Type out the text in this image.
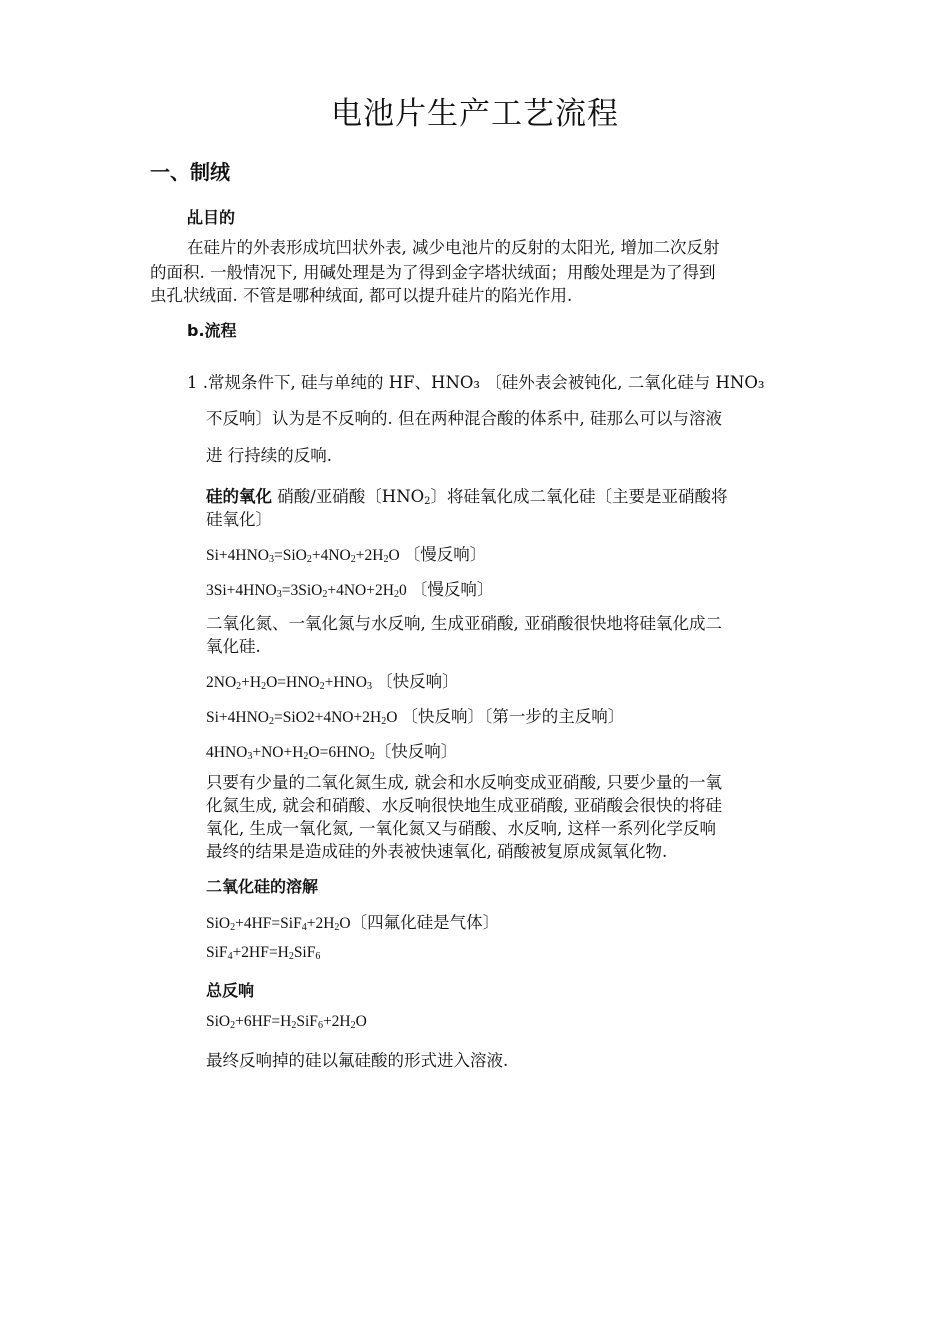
电池片生产工艺流程
一、制绒
乩目的
在硅片的外表形成坑凹状外表, 减少电池片的反射的太阳光, 增加二次反射
的面积. 一般情况下, 用碱处理是为了得到金字塔状绒面；用酸处理是为了得到
虫孔状绒面. 不管是哪种绒面, 都可以提升硅片的陷光作用.
b.流程
1 .常规条件下, 硅与单纯的 HF、HNO₃ 〔硅外表会被钝化, 二氧化硅与 HNO₃
不反响〕认为是不反响的. 但在两种混合酸的体系中, 硅那么可以与溶液
进 行持续的反响.
硅的氧化 硝酸/亚硝酸〔$HNO_2$〕将硅氧化成二氧化硅〔主要是亚硝酸将
硅氧化〕
$Si+4HNO_3=SiO_2+4NO_2+2H_2O$ 〔慢反响〕
$3Si+4HNO_3=3SiO_2+4NO+2H_20$ 〔慢反响〕
二氧化氮、一氧化氮与水反响, 生成亚硝酸, 亚硝酸很快地将硅氧化成二
氧化硅.
$2NO_2+H_2O=HNO_2+HNO_3$ 〔快反响〕
$Si+4HNO_2=SiO2+4NO+2H_2O$ 〔快反响〕〔第一步的主反响〕
$4HNO_3+NO+H_2O=6HNO_2$〔快反响〕
只要有少量的二氧化氮生成, 就会和水反响变成亚硝酸, 只要少量的一氧
化氮生成, 就会和硝酸、水反响很快地生成亚硝酸, 亚硝酸会很快的将硅
氧化, 生成一氧化氮, 一氧化氮又与硝酸、水反响, 这样一系列化学反响
最终的结果是造成硅的外表被快速氧化, 硝酸被复原成氮氧化物.
二氧化硅的溶解
$SiO_2+4HF=SiF_4+2H_2O$〔四氟化硅是气体〕
$SiF_4+2HF=H_2SiF_6$
总反响
$SiO_2+6HF=H_2SiF_6+2H_2O$
最终反响掉的硅以氟硅酸的形式进入溶液.
